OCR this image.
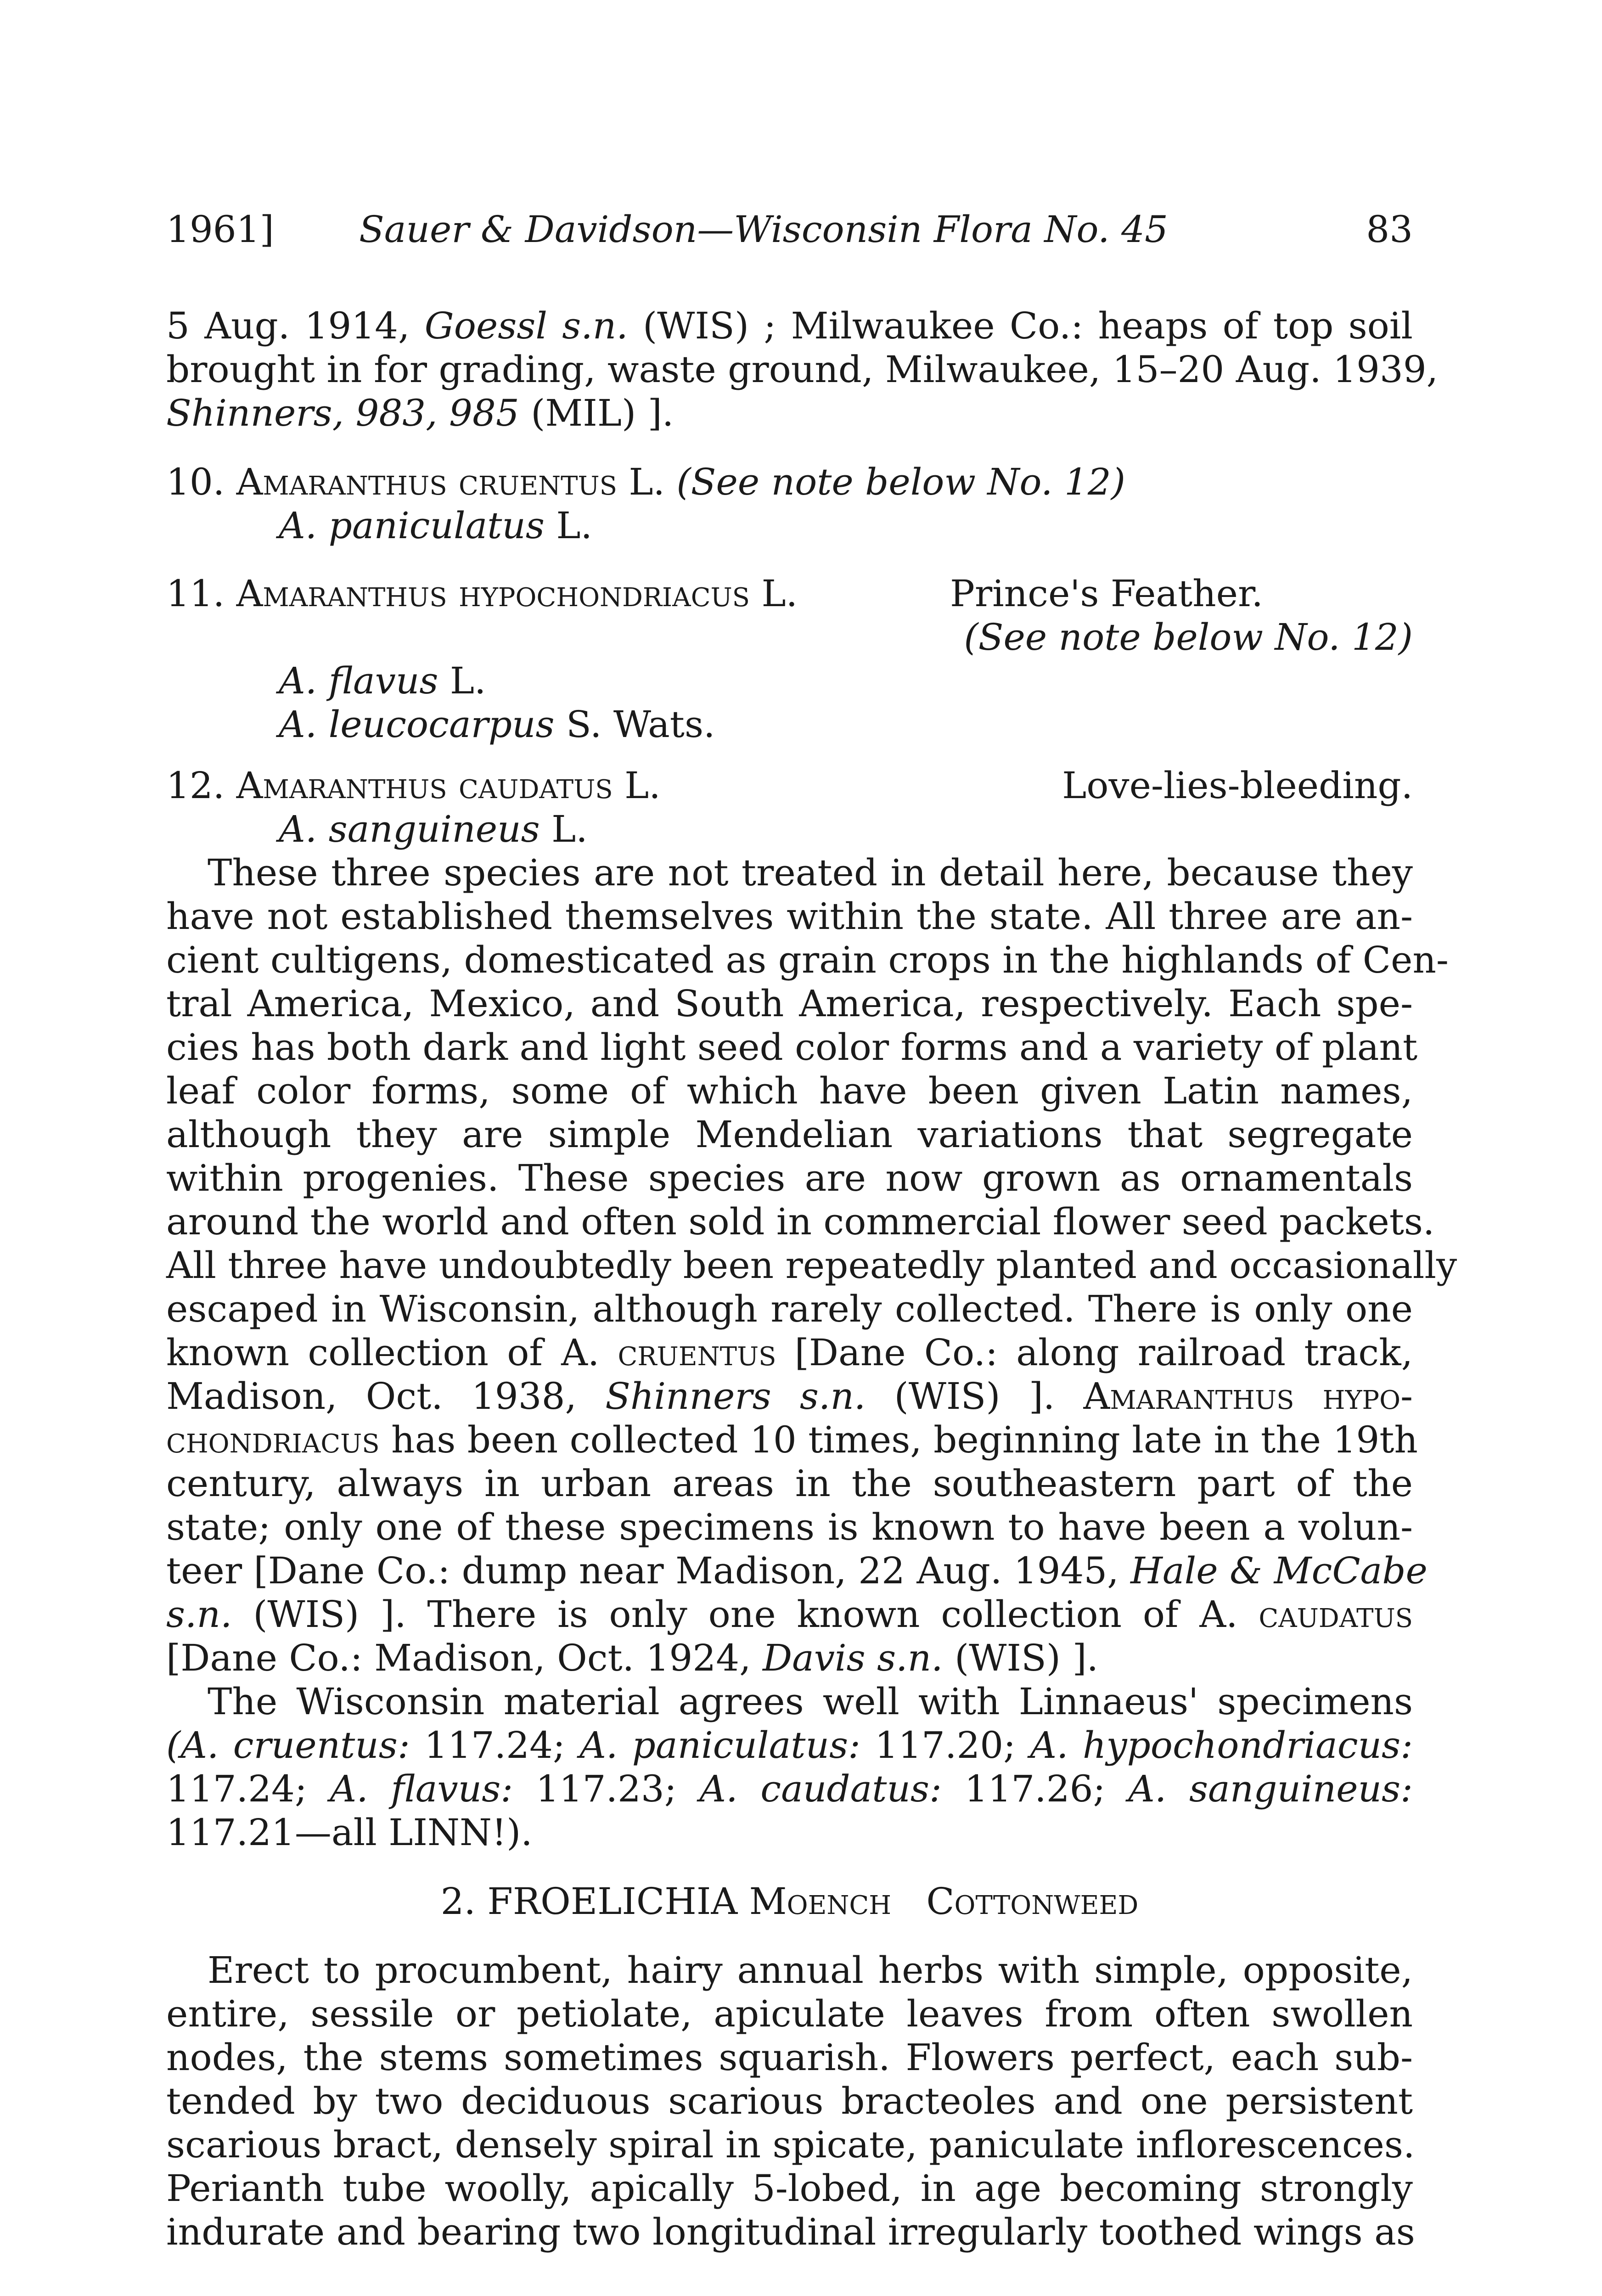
1961] Sauer & Davidson—Wisconsin Flora No. 45	83
5 Aug. 1914, Goessl s.n. (WIS) ; Milwaukee Co.: heaps of top soil
brought in for grading, waste ground, Milwaukee, 15–20 Aug. 1939,
Shinners, 983, 985 (MIL) ].
10. Amaranthus cruentus L. (See note below No. 12)
A. paniculatus L.
11. Amaranthus hypochondriacus L.	Prince's Feather.
(See note below No. 12)
A. flavus L.
A. leucocarpus S. Wats.
12. Amaranthus caudatus L.	Love-lies-bleeding.
A. sanguineus L.
These three species are not treated in detail here, because they
have not established themselves within the state. All three are an-
cient cultigens, domesticated as grain crops in the highlands of Cen-
tral America, Mexico, and South America, respectively. Each spe-
cies has both dark and light seed color forms and a variety of plant
leaf color forms, some of which have been given Latin names,
although they are simple Mendelian variations that segregate
within progenies. These species are now grown as ornamentals
around the world and often sold in commercial flower seed packets.
All three have undoubtedly been repeatedly planted and occasionally
escaped in Wisconsin, although rarely collected. There is only one
known collection of A. cruentus [Dane Co.: along railroad track,
Madison, Oct. 1938, Shinners s.n. (WIS) ]. Amaranthus hypo-
chondriacus has been collected 10 times, beginning late in the 19th
century, always in urban areas in the southeastern part of the
state; only one of these specimens is known to have been a volun-
teer [Dane Co.: dump near Madison, 22 Aug. 1945, Hale & McCabe
s.n. (WIS) ]. There is only one known collection of A. caudatus
[Dane Co.: Madison, Oct. 1924, Davis s.n. (WIS) ].
The Wisconsin material agrees well with Linnaeus' specimens
(A. cruentus: 117.24; A. paniculatus: 117.20; A. hypochondriacus:
117.24; A. flavus: 117.23; A. caudatus: 117.26; A. sanguineus:
117.21—all LINN!).
2. FROELICHIA Moench   Cottonweed
Erect to procumbent, hairy annual herbs with simple, opposite,
entire, sessile or petiolate, apiculate leaves from often swollen
nodes, the stems sometimes squarish. Flowers perfect, each sub-
tended by two deciduous scarious bracteoles and one persistent
scarious bract, densely spiral in spicate, paniculate inflorescences.
Perianth tube woolly, apically 5-lobed, in age becoming strongly
indurate and bearing two longitudinal irregularly toothed wings as
